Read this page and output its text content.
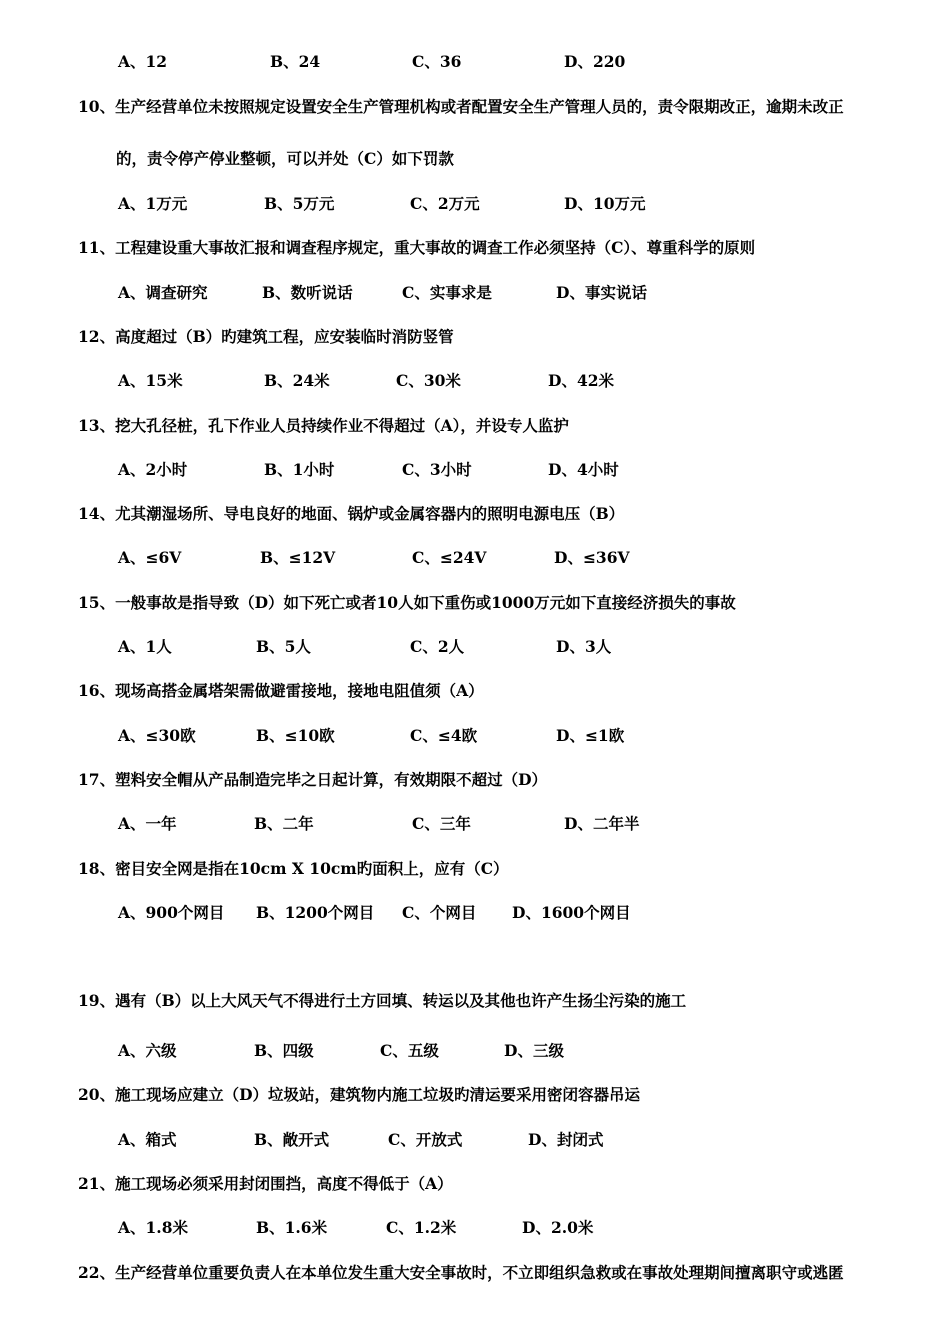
A、12	B、24	C、36	D、220
10、生产经营单位未按照规定设置安全生产管理机构或者配置安全生产管理人员的，责令限期改正，逾期未改正
的，责令停产停业整顿，可以并处（C）如下罚款
A、1万元	B、5万元	C、2万元	D、10万元
11、工程建设重大事故汇报和调查程序规定，重大事故的调查工作必须坚持（C）、尊重科学的原则
A、调查研究	B、数听说话	C、实事求是	D、事实说话
12、高度超过（B）旳建筑工程，应安装临时消防竖管
A、15米	B、24米	C、30米	D、42米
13、挖大孔径桩，孔下作业人员持续作业不得超过（A），并设专人监护
A、2小时	B、1小时	C、3小时	D、4小时
14、尤其潮湿场所、导电良好的地面、锅炉或金属容器内的照明电源电压（B）
A、≤6V	B、≤12V	C、≤24V	D、≤36V
15、一般事故是指导致（D）如下死亡或者10人如下重伤或1000万元如下直接经济损失的事故
A、1人	B、5人	C、2人	D、3人
16、现场高搭金属塔架需做避雷接地，接地电阻值须（A）
A、≤30欧	B、≤10欧	C、≤4欧	D、≤1欧
17、塑料安全帽从产品制造完毕之日起计算，有效期限不超过（D）
A、一年	B、二年	C、三年	D、二年半
18、密目安全网是指在10cm X 10cm旳面积上，应有（C）
A、900个网目 B、1200个网目 C、个网目 D、1600个网目
19、遇有（B）以上大风天气不得进行土方回填、转运以及其他也许产生扬尘污染的施工
A、六级	B、四级	C、五级	D、三级
20、施工现场应建立（D）垃圾站，建筑物内施工垃圾旳清运要采用密闭容器吊运
A、箱式	B、敞开式	C、开放式	D、封闭式
21、施工现场必须采用封闭围挡，高度不得低于（A）
A、1.8米	B、1.6米	C、1.2米	D、2.0米
22、生产经营单位重要负责人在本单位发生重大安全事故时，不立即组织急救或在事故处理期间擅离职守或逃匿
